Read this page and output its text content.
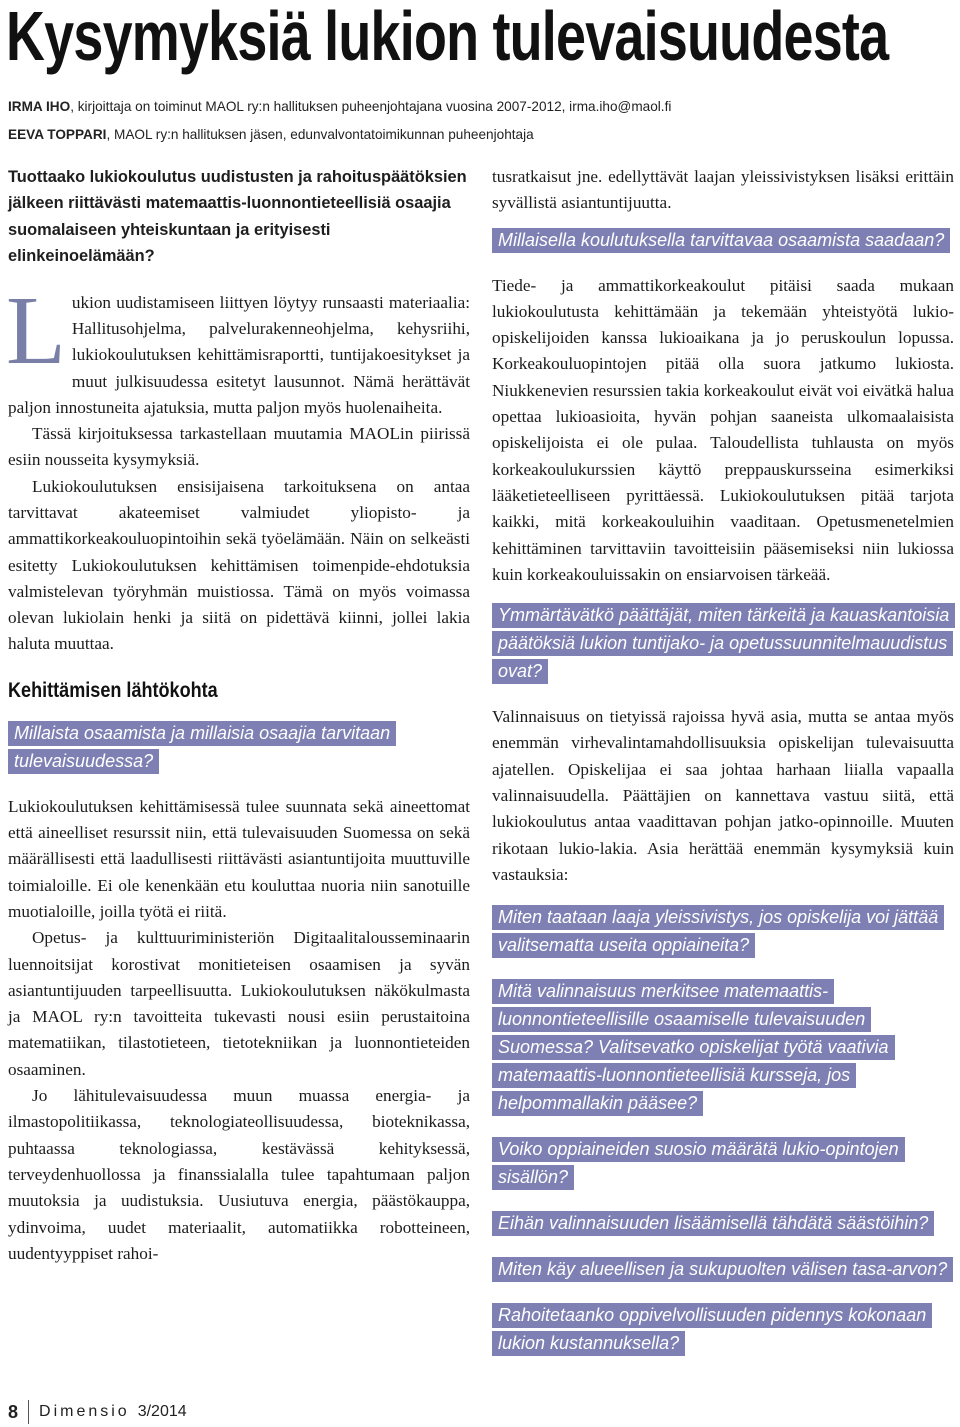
Kysymyksiä lukion tulevaisuudesta
IRMA IHO, kirjoittaja on toiminut MAOL ry:n hallituksen puheenjohtajana vuosina 2007-2012, irma.iho@maol.fi
EEVA TOPPARI, MAOL ry:n hallituksen jäsen, edunvalvontatoimikunnan puheenjohtaja

Tuottaako lukiokoulutus uudistusten ja rahoituspäätöksien jälkeen riittävästi matemaattis-luonnontieteellisiä osaajia suomalaiseen yhteiskuntaan ja erityisesti elinkeinoelämään?

Lukion uudistamiseen liittyen löytyy runsaasti materiaalia: Hallitusohjelma, palvelurakenneohjelma, kehysriihi, lukiokoulutuksen kehittämisraportti, tuntijakoesitykset ja muut julkisuudessa esitetyt lausunnot. Nämä herättävät paljon innostuneita ajatuksia, mutta paljon myös huolenaiheita.

Tässä kirjoituksessa tarkastellaan muutamia MAOLin piirissä esiin nousseita kysymyksiä.

Lukiokoulutuksen ensisijaisena tarkoituksena on antaa tarvittavat akateemiset valmiudet yliopisto- ja ammattikorkeakouluopintoihin sekä työelämään. Näin on selkeästi esitetty Lukiokoulutuksen kehittämisen toimenpide-ehdotuksia valmistelevan työryhmän muistiossa. Tämä on myös voimassa olevan lukiolain henki ja siitä on pidettävä kiinni, jollei lakia haluta muuttaa.

Kehittämisen lähtökohta
Millaista osaamista ja millaisia osaajia tarvitaan tulevaisuudessa?

Lukiokoulutuksen kehittämisessä tulee suunnata sekä aineettomat että aineelliset resurssit niin, että tulevaisuuden Suomessa on sekä määrällisesti että laadullisesti riittävästi asiantuntijoita muuttuville toimialoille. Ei ole kenenkään etu kouluttaa nuoria niin sanotuille muotialoille, joilla työtä ei riitä.

Opetus- ja kulttuuriministeriön Digitaalitalousseminaarin luennoitsijat korostivat monitieteisen osaamisen ja syvän asiantuntijuuden tarpeellisuutta. Lukiokoulutuksen näkökulmasta ja MAOL ry:n tavoitteita tukevasti nousi esiin perustaitoina matematiikan, tilastotieteen, tietotekniikan ja luonnontieteiden osaaminen.

Jo lähitulevaisuudessa muun muassa energia- ja ilmastopolitiikassa, teknologiateollisuudessa, bioteknikassa, puhtaassa teknologiassa, kestävässä kehityksessä, terveydenhuollossa ja finanssialalla tulee tapahtumaan paljon muutoksia ja uudistuksia. Uusiutuva energia, päästökauppa, ydinvoima, uudet materiaalit, automatiikka robotteineen, uudentyyppiset rahoi-

tusratkaisut jne. edellyttävät laajan yleissivistyksen lisäksi erittäin syvällistä asiantuntijuutta.

Millaisella koulutuksella tarvittavaa osaamista saadaan?

Tiede- ja ammattikorkeakoulut pitäisi saada mukaan lukiokoulutusta kehittämään ja tekemään yhteistyötä lukio-opiskelijoiden kanssa lukioaikana ja jo peruskoulun lopussa. Korkeakouluopintojen pitää olla suora jatkumo lukiosta. Niukkenevien resurssien takia korkeakoulut eivät voi eivätkä halua opettaa lukioasioita, hyvän pohjan saaneista ulkomaalaisista opiskelijoista ei ole pulaa. Taloudellista tuhlausta on myös korkeakoulukurssien käyttö preppauskursseina esimerkiksi lääketieteelliseen pyrittäessä. Lukiokoulutuksen pitää tarjota kaikki, mitä korkeakouluihin vaaditaan. Opetusmenetelmien kehittäminen tarvittaviin tavoitteisiin pääsemiseksi niin lukiossa kuin korkeakouluissakin on ensiarvoisen tärkeää.

Ymmärtävätkö päättäjät, miten tärkeitä ja kauaskantoisia päätöksiä lukion tuntijako- ja opetussuunnitelmauudistus ovat?

Valinnaisuus on tietyissä rajoissa hyvä asia, mutta se antaa myös enemmän virhevalintamahdollisuuksia opiskelijan tulevaisuutta ajatellen. Opiskelijaa ei saa johtaa harhaan liialla vapaalla valinnaisuudella. Päättäjien on kannettava vastuu siitä, että lukiokoulutus antaa vaadittavan pohjan jatko-opinnoille. Muuten rikotaan lukio-lakia. Asia herättää enemmän kysymyksiä kuin vastauksia:

Miten taataan laaja yleissivistys, jos opiskelija voi jättää valitsematta useita oppiaineita?
Mitä valinnaisuus merkitsee matemaattis-luonnontieteellisille osaamiselle tulevaisuuden Suomessa? Valitsevatko opiskelijat työtä vaativia matemaattis-luonnontieteellisiä kursseja, jos helpommallakin pääsee?
Voiko oppiaineiden suosio määrätä lukio-opintojen sisällön?
Eihän valinnaisuuden lisäämisellä tähdätä säästöihin?
Miten käy alueellisen ja sukupuolten välisen tasa-arvon?
Rahoitetaanko oppivelvollisuuden pidennys kokonaan lukion kustannuksella?
8 Dimensio 3/2014
